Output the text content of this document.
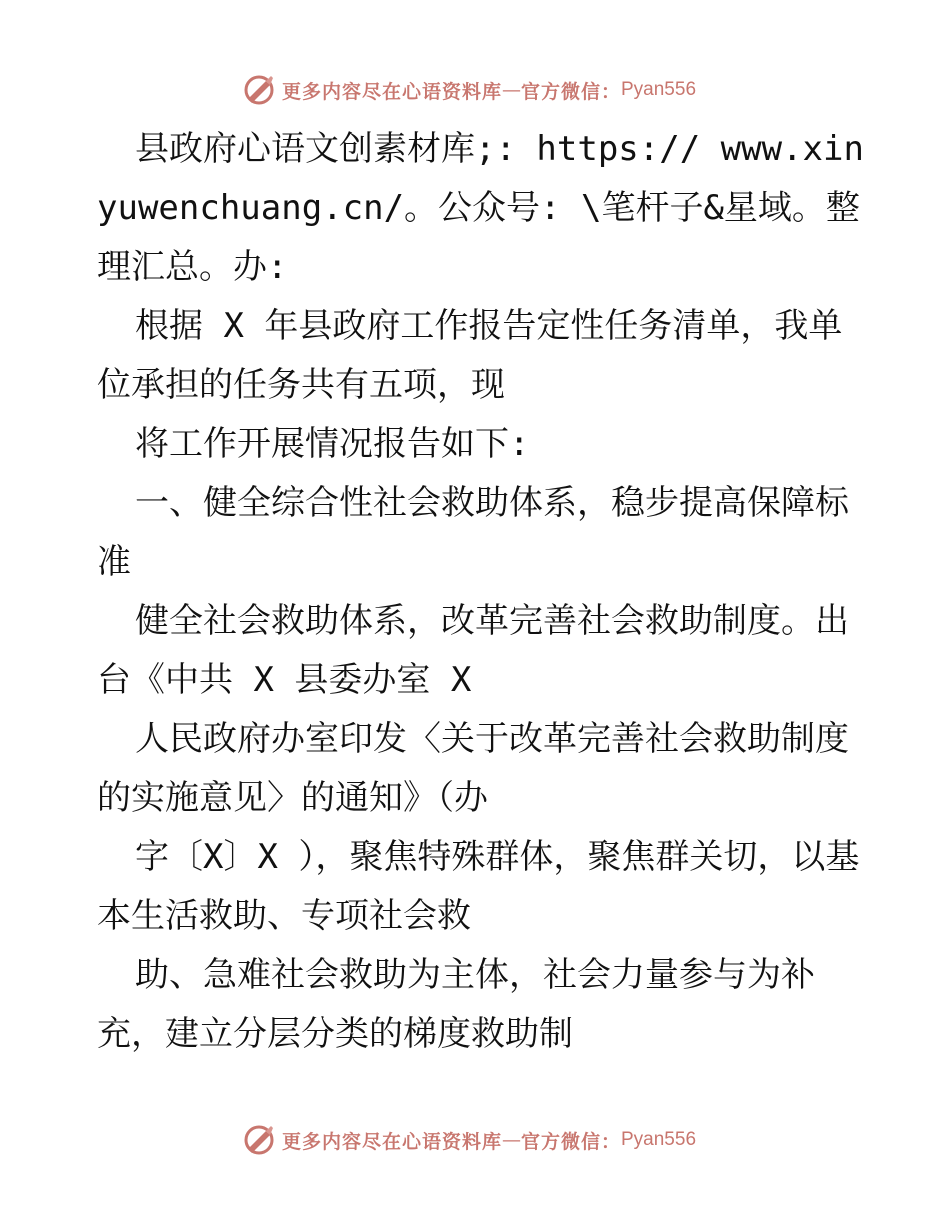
更多内容尽在心语资料库 — 官方微信： Pyan556

县政府心语文创素材库;: https:// www.xinyuwenchuang.cn/。公众号: \笔杆子&星域。整理汇总。办:

根据 X 年县政府工作报告定性任务清单，我单位承担的任务共有五项，现

将工作开展情况报告如下:

一、健全综合性社会救助体系，稳步提高保障标准

健全社会救助体系，改革完善社会救助制度。出台《中共 X 县委办室 X

人民政府办室印发〈关于改革完善社会救助制度的实施意见〉的通知》（办

字〔X〕X ），聚焦特殊群体，聚焦群关切，以基本生活救助、专项社会救

助、急难社会救助为主体，社会力量参与为补充，建立分层分类的梯度救助制

更多内容尽在心语资料库 — 官方微信： Pyan556
